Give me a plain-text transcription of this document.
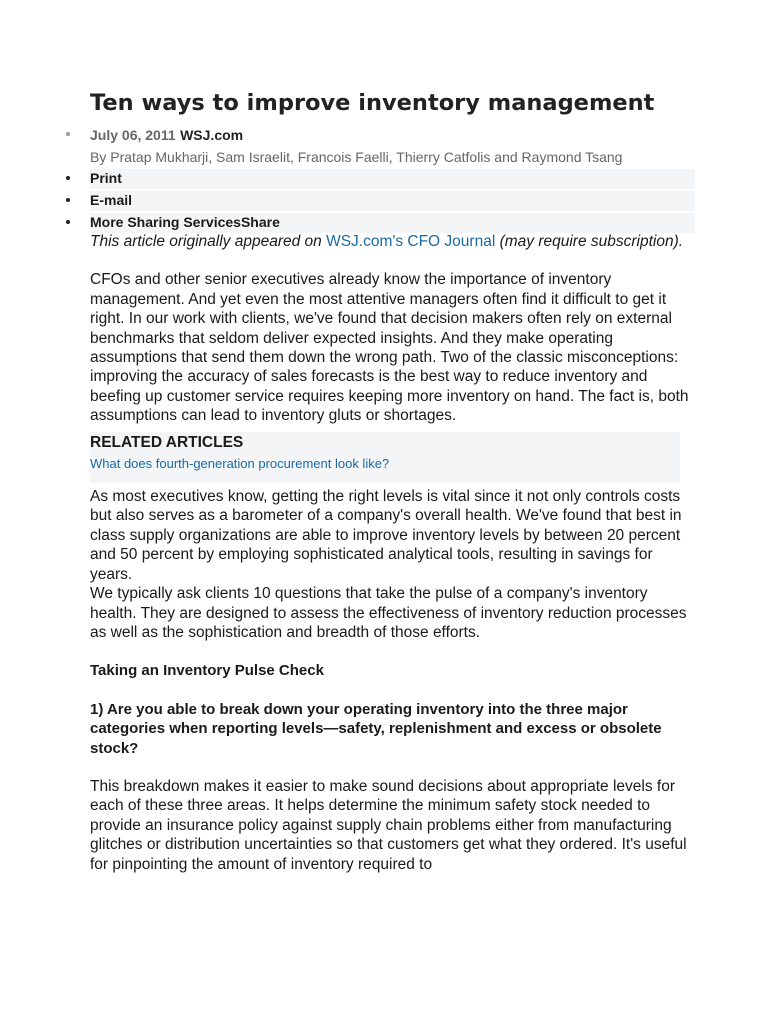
Ten ways to improve inventory management
July 06, 2011 WSJ.com
By Pratap Mukharji, Sam Israelit, Francois Faelli, Thierry Catfolis and Raymond Tsang
Print
E-mail
More Sharing ServicesShare

This article originally appeared on WSJ.com's CFO Journal (may require subscription).

CFOs and other senior executives already know the importance of inventory management. And yet even the most attentive managers often find it difficult to get it right. In our work with clients, we've found that decision makers often rely on external benchmarks that seldom deliver expected insights. And they make operating assumptions that send them down the wrong path. Two of the classic misconceptions: improving the accuracy of sales forecasts is the best way to reduce inventory and beefing up customer service requires keeping more inventory on hand. The fact is, both assumptions can lead to inventory gluts or shortages.

RELATED ARTICLES
What does fourth-generation procurement look like?

As most executives know, getting the right levels is vital since it not only controls costs but also serves as a barometer of a company's overall health. We've found that best in class supply organizations are able to improve inventory levels by between 20 percent and 50 percent by employing sophisticated analytical tools, resulting in savings for years.

We typically ask clients 10 questions that take the pulse of a company's inventory health. They are designed to assess the effectiveness of inventory reduction processes as well as the sophistication and breadth of those efforts.

Taking an Inventory Pulse Check

1) Are you able to break down your operating inventory into the three major categories when reporting levels—safety, replenishment and excess or obsolete stock?

This breakdown makes it easier to make sound decisions about appropriate levels for each of these three areas. It helps determine the minimum safety stock needed to provide an insurance policy against supply chain problems either from manufacturing glitches or distribution uncertainties so that customers get what they ordered. It's useful for pinpointing the amount of inventory required to
